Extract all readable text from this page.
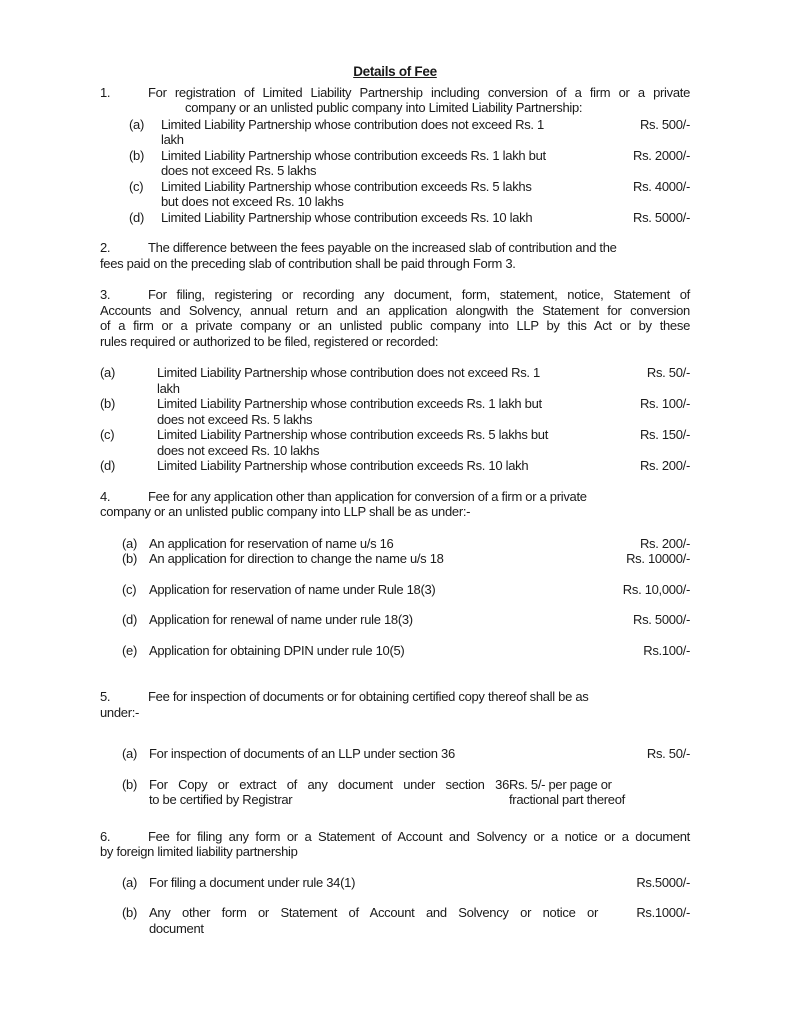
Details of Fee
1.	For registration of Limited Liability Partnership including conversion of a firm or a private
company or an unlisted public company into Limited Liability Partnership:
(a)	Limited Liability Partnership whose contribution does not exceed Rs. 1
lakh
Rs. 500/-
(b)	Limited Liability Partnership whose contribution exceeds Rs. 1 lakh but
does not exceed Rs. 5 lakhs
Rs. 2000/-
(c)	Limited Liability Partnership whose contribution exceeds Rs. 5 lakhs
but does not exceed Rs. 10 lakhs
Rs. 4000/-
(d)	Limited Liability Partnership whose contribution exceeds Rs. 10 lakh	Rs. 5000/-
2.	The difference between the fees payable on the increased slab of contribution and the
fees paid on the preceding slab of contribution shall be paid through Form 3.
3.	For filing, registering or recording any document, form, statement, notice, Statement of
Accounts and Solvency, annual return and an application alongwith the Statement for conversion
of a firm or a private company or an unlisted public company into LLP by this Act or by these
rules required or authorized to be filed, registered or recorded:
(a)	Limited Liability Partnership whose contribution does not exceed Rs. 1
lakh
Rs. 50/-
(b)	Limited Liability Partnership whose contribution exceeds Rs. 1 lakh but
does not exceed Rs. 5 lakhs
Rs. 100/-
(c)	Limited Liability Partnership whose contribution exceeds Rs. 5 lakhs but
does not exceed Rs. 10 lakhs
Rs. 150/-
(d)	Limited Liability Partnership whose contribution exceeds Rs. 10 lakh	Rs. 200/-
4.	Fee for any application other than application for conversion of a firm or a private
company or an unlisted public company into LLP shall be as under:-
(a) An application for reservation of name u/s 16	Rs. 200/-
(b) An application for direction to change the name u/s 18	Rs. 10000/-
(c) Application for reservation of name under Rule 18(3)	Rs. 10,000/-
(d) Application for renewal of name under rule 18(3)	Rs. 5000/-
(e) Application for obtaining DPIN under rule 10(5)	Rs.100/-
5.	Fee for inspection of documents or for obtaining certified copy thereof shall be as
under:-
(a) For inspection of documents of an LLP under section 36	Rs. 50/-
(b) For Copy or extract of any document under section 36
to be certified by Registrar
Rs. 5/- per page or
fractional part thereof
6.	Fee for filing any form or a Statement of Account and Solvency or a notice or a document
by foreign limited liability partnership
(a) For filing a document under rule 34(1)	Rs.5000/-
(b) Any other form or Statement of Account and Solvency or notice or
document
Rs.1000/-
